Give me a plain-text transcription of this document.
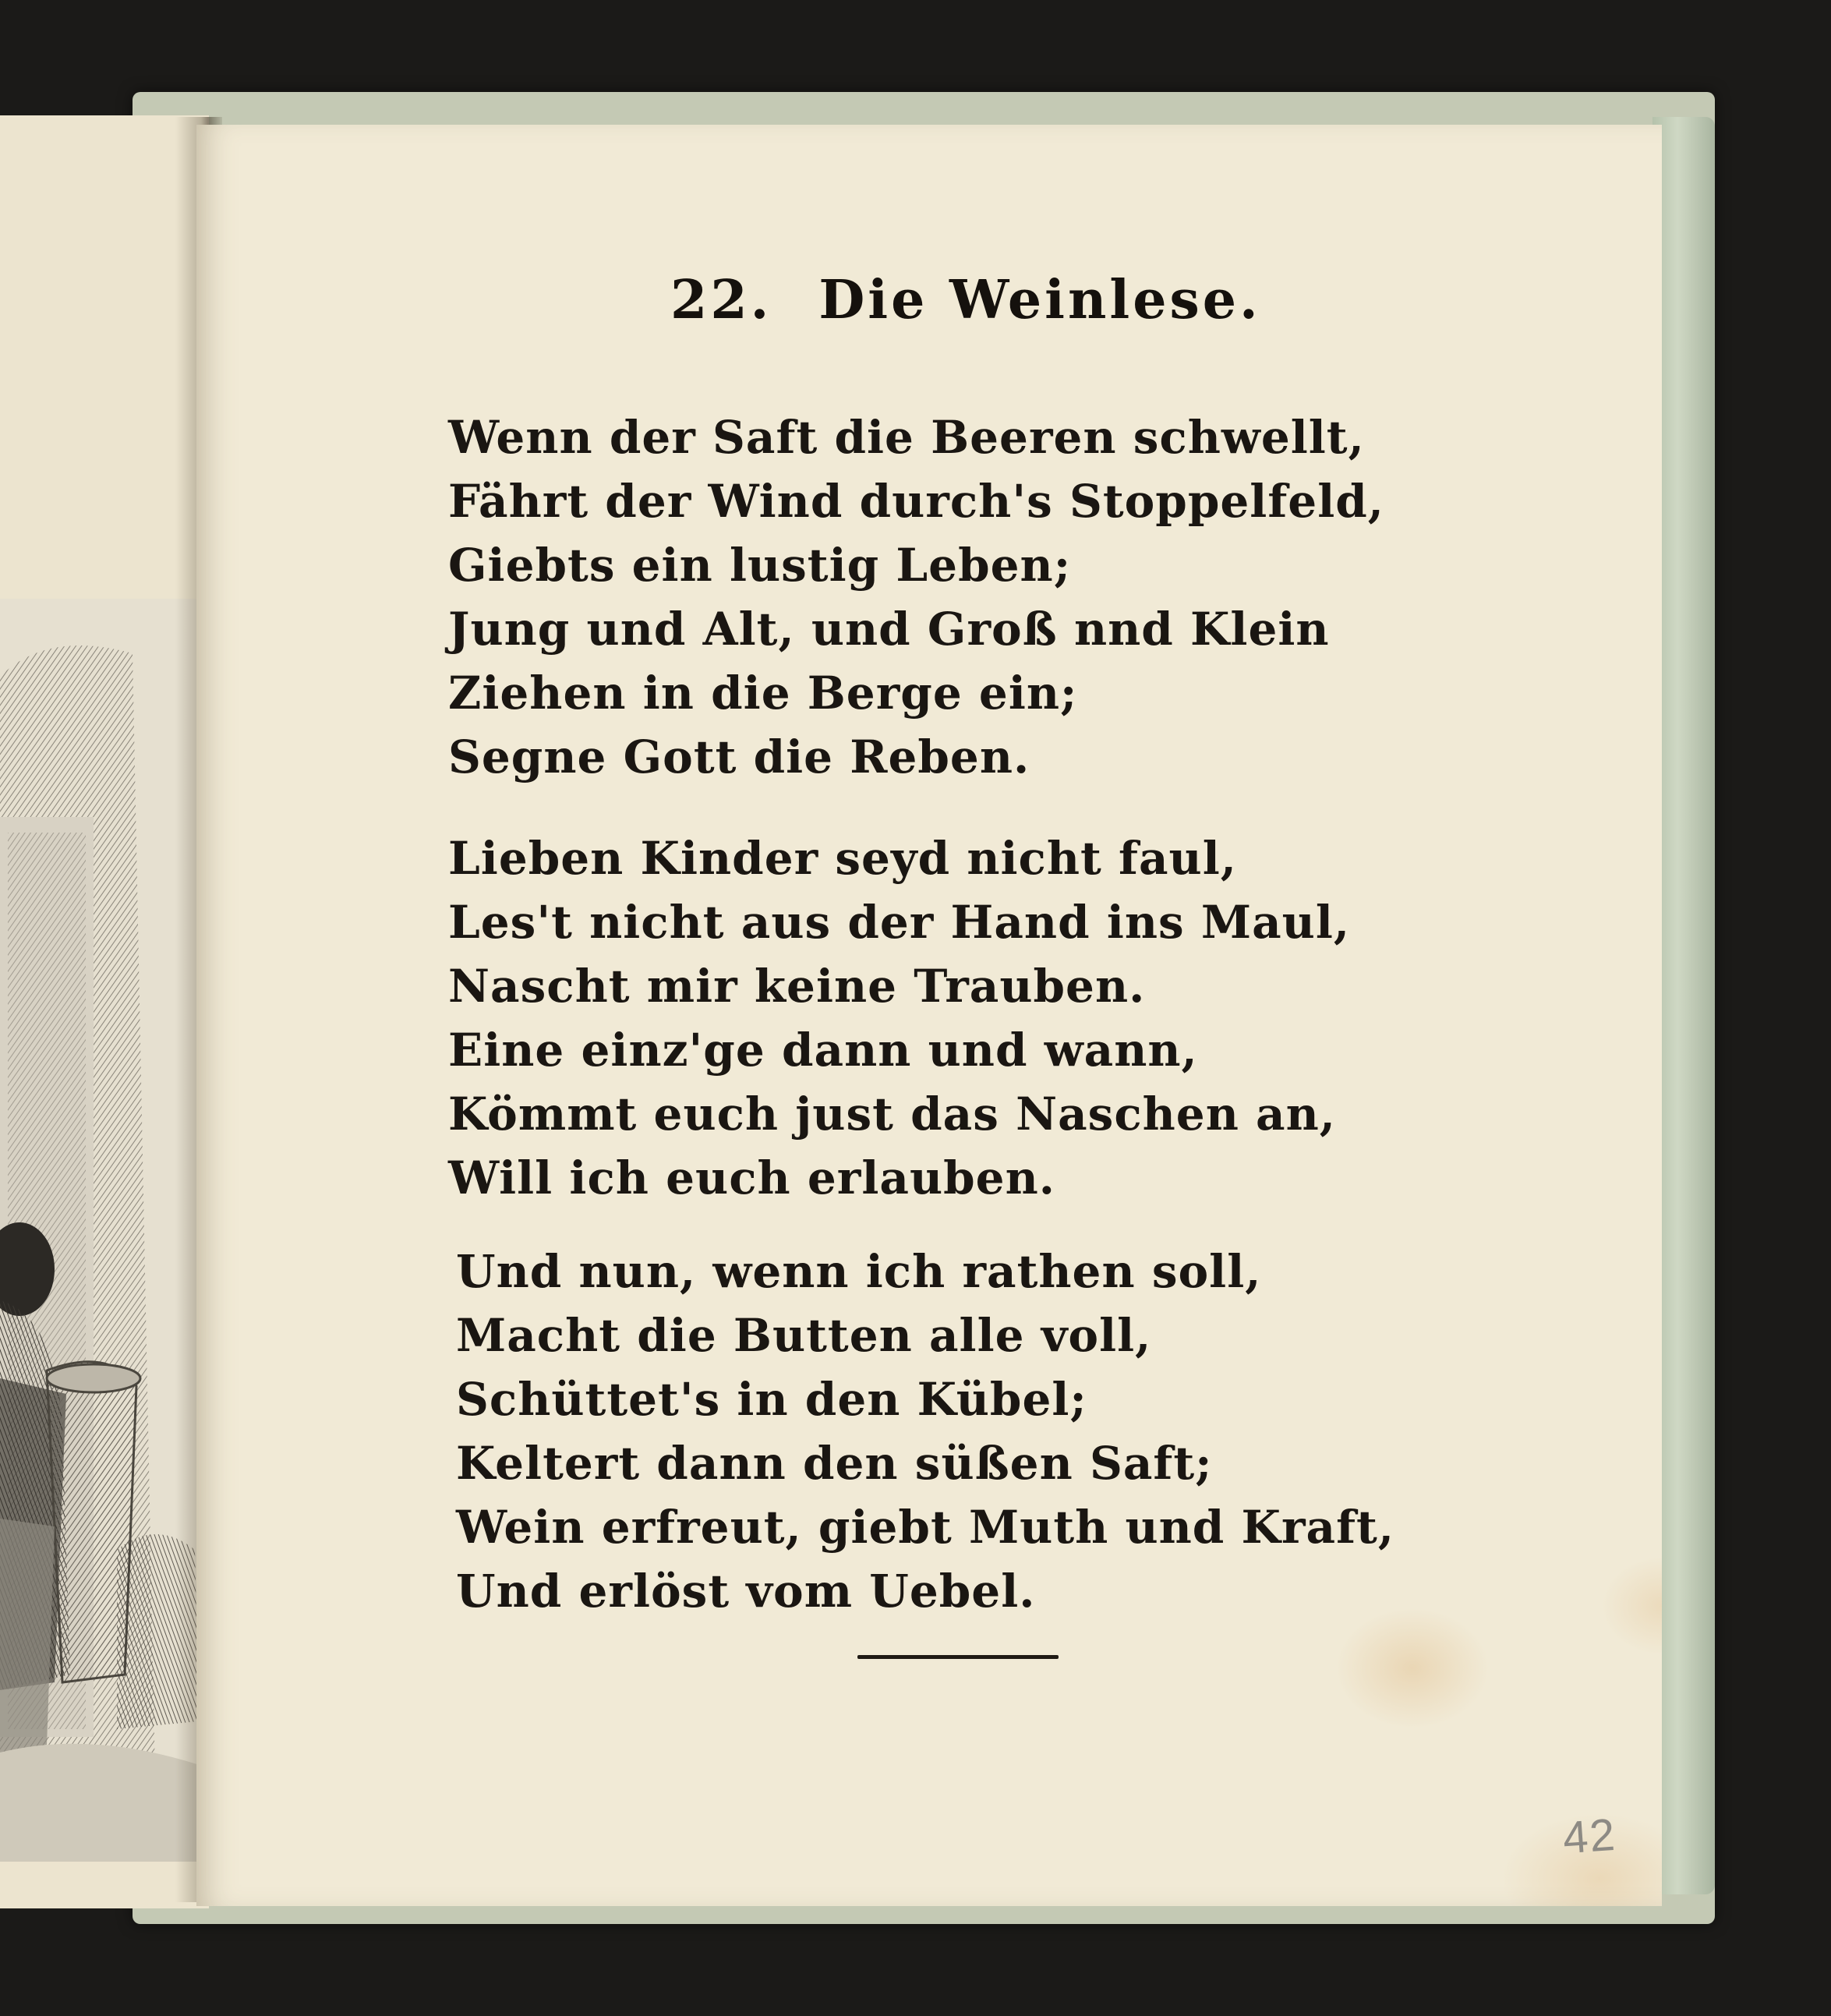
22. Die Weinlese.
Wenn der Saft die Beeren schwellt,
Fährt der Wind durch's Stoppelfeld,
Giebts ein lustig Leben;
Jung und Alt, und Groß nnd Klein
Ziehen in die Berge ein;
Segne Gott die Reben.
Lieben Kinder seyd nicht faul,
Les't nicht aus der Hand ins Maul,
Nascht mir keine Trauben.
Eine einz'ge dann und wann,
Kömmt euch just das Naschen an,
Will ich euch erlauben.
Und nun, wenn ich rathen soll,
Macht die Butten alle voll,
Schüttet's in den Kübel;
Keltert dann den süßen Saft;
Wein erfreut, giebt Muth und Kraft,
Und erlöst vom Uebel.
42
